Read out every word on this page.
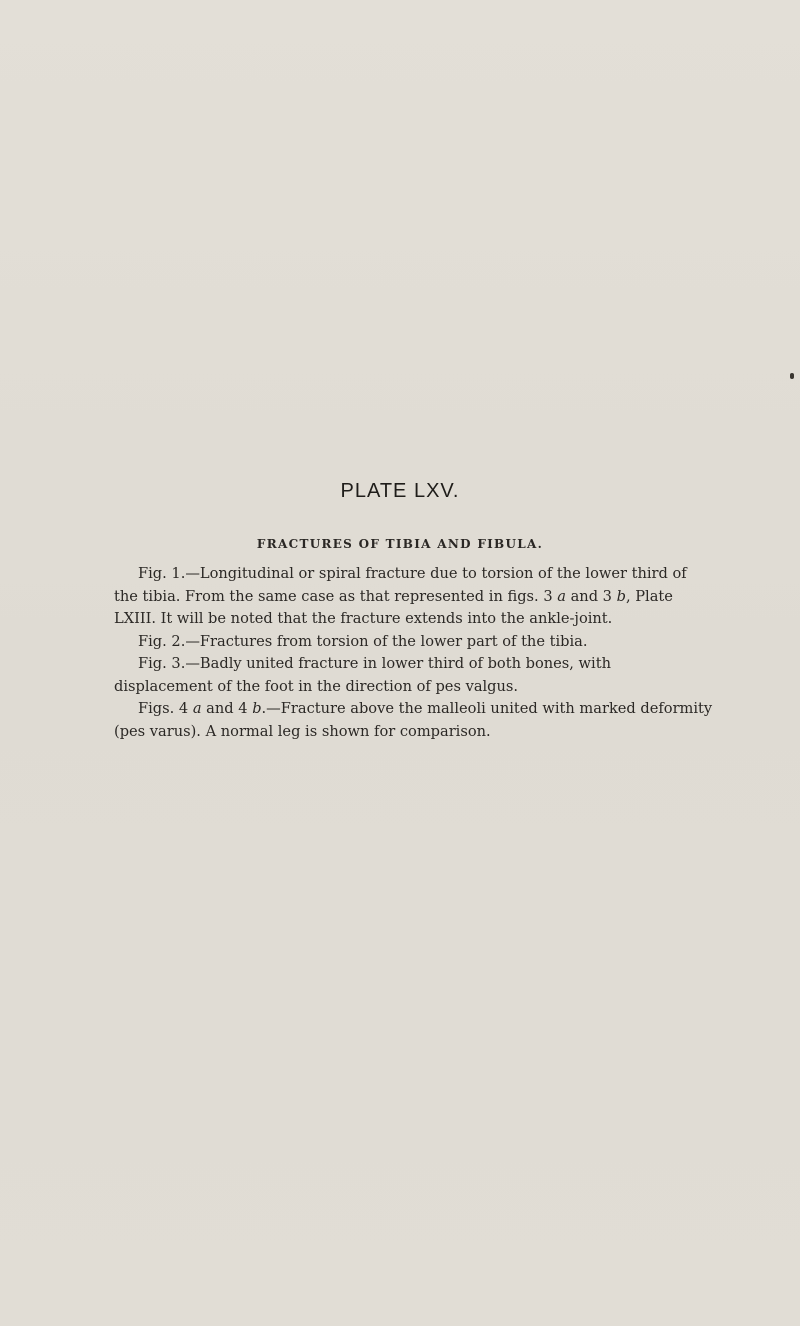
PLATE LXV.
FRACTURES OF TIBIA AND FIBULA.

Fig. 1.—Longitudinal or spiral fracture due to torsion of the lower third of the tibia. From the same case as that represented in figs. 3 a and 3 b, Plate LXIII. It will be noted that the fracture extends into the ankle-joint.

Fig. 2.—Fractures from torsion of the lower part of the tibia.

Fig. 3.—Badly united fracture in lower third of both bones, with displacement of the foot in the direction of pes valgus.

Figs. 4 a and 4 b.—Fracture above the malleoli united with marked deformity (pes varus). A normal leg is shown for comparison.
